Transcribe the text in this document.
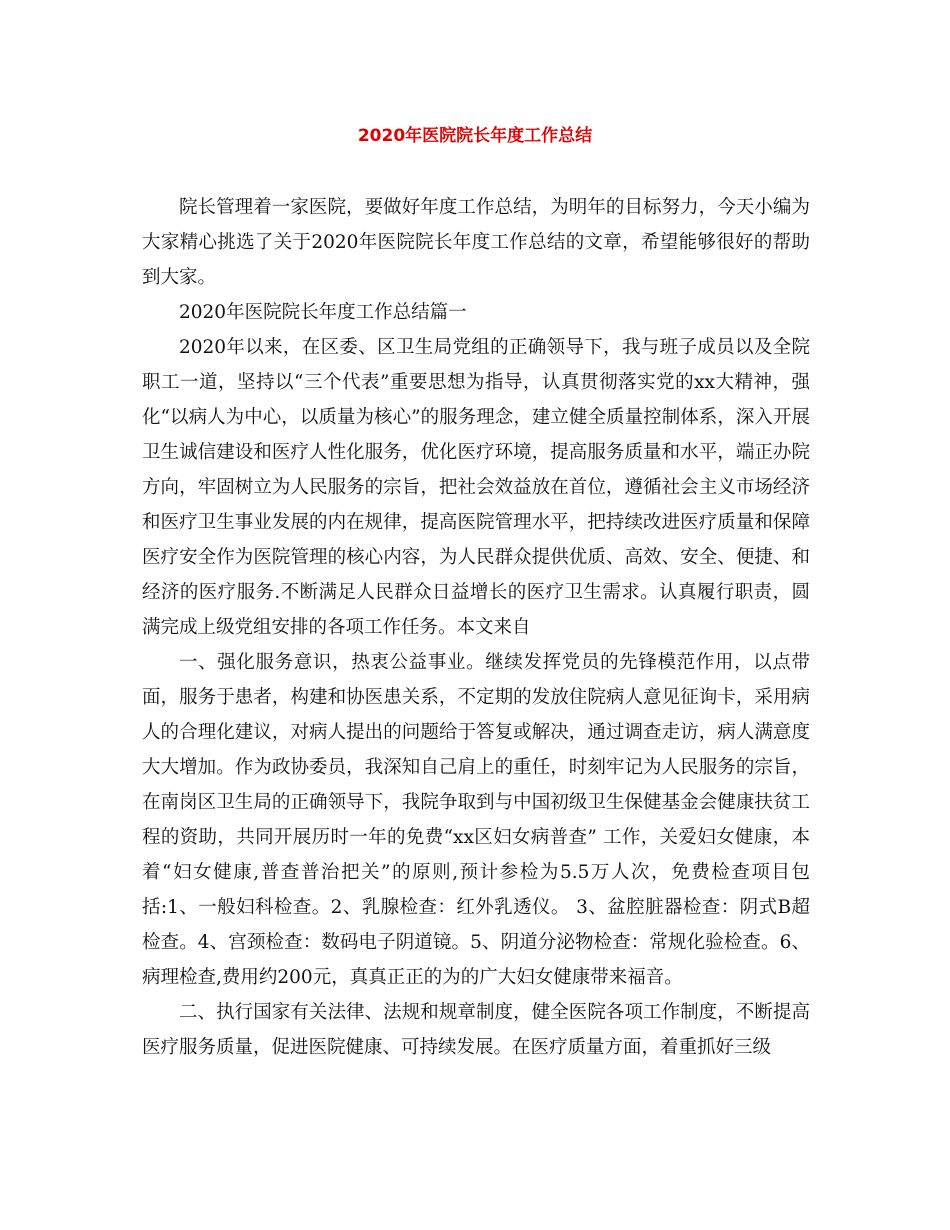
2020年医院院长年度工作总结

院长管理着一家医院，要做好年度工作总结，为明年的目标努力，今天小编为大家精心挑选了关于2020年医院院长年度工作总结的文章，希望能够很好的帮助到大家。

2020年医院院长年度工作总结篇一

2020年以来，在区委、区卫生局党组的正确领导下，我与班子成员以及全院职工一道，坚持以“三个代表”重要思想为指导，认真贯彻落实党的xx大精神，强化“以病人为中心，以质量为核心”的服务理念，建立健全质量控制体系，深入开展卫生诚信建设和医疗人性化服务，优化医疗环境，提高服务质量和水平，端正办院方向，牢固树立为人民服务的宗旨，把社会效益放在首位，遵循社会主义市场经济和医疗卫生事业发展的内在规律，提高医院管理水平，把持续改进医疗质量和保障医疗安全作为医院管理的核心内容，为人民群众提供优质、高效、安全、便捷、和经济的医疗服务.不断满足人民群众日益增长的医疗卫生需求。认真履行职责，圆满完成上级党组安排的各项工作任务。本文来自

一、强化服务意识，热衷公益事业。继续发挥党员的先锋模范作用，以点带面，服务于患者，构建和协医患关系，不定期的发放住院病人意见征询卡，采用病人的合理化建议，对病人提出的问题给于答复或解决，通过调查走访，病人满意度大大增加。作为政协委员，我深知自己肩上的重任，时刻牢记为人民服务的宗旨，在南岗区卫生局的正确领导下，我院争取到与中国初级卫生保健基金会健康扶贫工程的资助，共同开展历时一年的免费“xx区妇女病普查” 工作，关爱妇女健康，本着“妇女健康,普查普治把关”的原则,预计参检为5.5万人次，免费检查项目包括:1、一般妇科检查。2、乳腺检查：红外乳透仪。 3、盆腔脏器检查：阴式B超检查。4、宫颈检查：数码电子阴道镜。5、阴道分泌物检查：常规化验检查。6、病理检查,费用约200元，真真正正的为的广大妇女健康带来福音。

二、执行国家有关法律、法规和规章制度，健全医院各项工作制度，不断提高医疗服务质量，促进医院健康、可持续发展。在医疗质量方面，着重抓好三级
